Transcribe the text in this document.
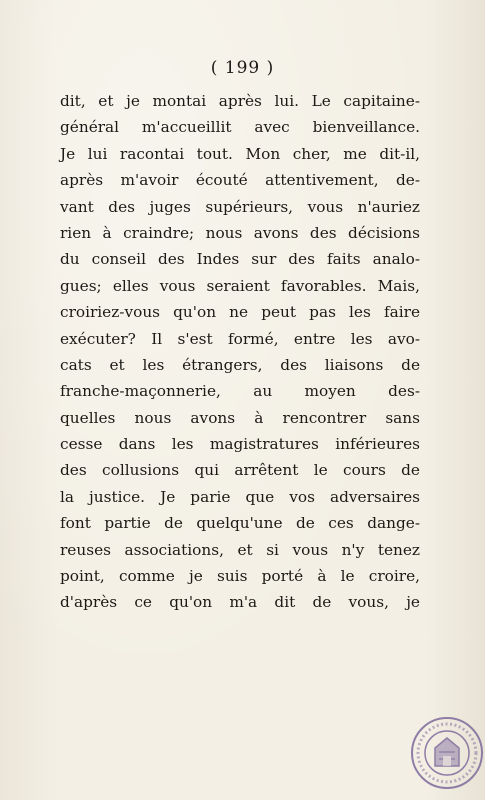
( 199 )
dit, et je montai après lui. Le capitaine-
général m'accueillit avec bienveillance.
Je lui racontai tout. Mon cher, me dit-il,
après m'avoir écouté attentivement, de-
vant des juges supérieurs, vous n'auriez
rien à craindre; nous avons des décisions
du conseil des Indes sur des faits analo-
gues; elles vous seraient favorables. Mais,
croiriez-vous qu'on ne peut pas les faire
exécuter? Il s'est formé, entre les avo-
cats et les étrangers, des liaisons de
franche-maçonnerie, au moyen des-
quelles nous avons à rencontrer sans
cesse dans les magistratures inférieures
des collusions qui arrêtent le cours de
la justice. Je parie que vos adversaires
font partie de quelqu'une de ces dange-
reuses associations, et si vous n'y tenez
point, comme je suis porté à le croire,
d'après ce qu'on m'a dit de vous, je
